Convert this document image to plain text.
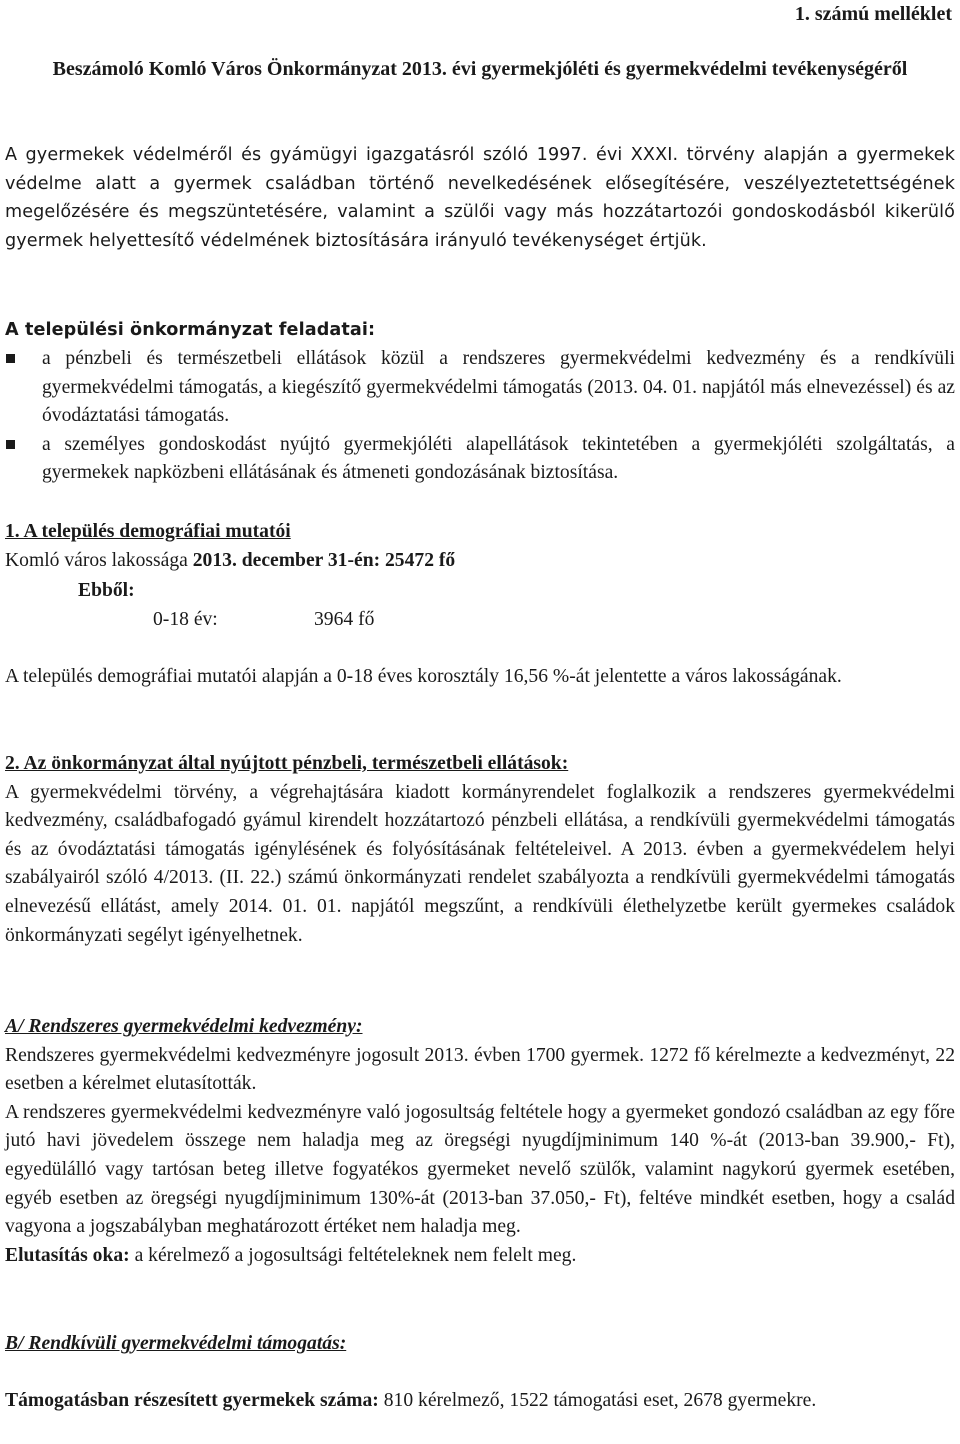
1. számú melléklet
Beszámoló Komló Város Önkormányzat 2013. évi gyermekjóléti és gyermekvédelmi tevékenységéről
A gyermekek védelméről és gyámügyi igazgatásról szóló 1997. évi XXXI. törvény alapján a gyermekek védelme alatt a gyermek családban történő nevelkedésének elősegítésére, veszélyeztetettségének megelőzésére és megszüntetésére, valamint a szülői vagy más hozzátartozói gondoskodásból kikerülő gyermek helyettesítő védelmének biztosítására irányuló tevékenységet értjük.
A települési önkormányzat feladatai:
a pénzbeli és természetbeli ellátások közül a rendszeres gyermekvédelmi kedvezmény és a rendkívüli gyermekvédelmi támogatás, a kiegészítő gyermekvédelmi támogatás (2013. 04. 01. napjától más elnevezéssel) és az óvodáztatási támogatás.
a személyes gondoskodást nyújtó gyermekjóléti alapellátások tekintetében a gyermekjóléti szolgáltatás, a gyermekek napközbeni ellátásának és átmeneti gondozásának biztosítása.
1. A település demográfiai mutatói
Komló város lakossága 2013. december 31-én: 25472 fő
Ebből:
0-18 év:	3964 fő
A település demográfiai mutatói alapján a 0-18 éves korosztály 16,56 %-át jelentette a város lakosságának.
2. Az önkormányzat által nyújtott pénzbeli, természetbeli ellátások:
A gyermekvédelmi törvény, a végrehajtására kiadott kormányrendelet foglalkozik a rendszeres gyermekvédelmi kedvezmény, családbafogadó gyámul kirendelt hozzátartozó pénzbeli ellátása, a rendkívüli gyermekvédelmi támogatás és az óvodáztatási támogatás igénylésének és folyósításának feltételeivel. A 2013. évben a gyermekvédelem helyi szabályairól szóló 4/2013. (II. 22.) számú önkormányzati rendelet szabályozta a rendkívüli gyermekvédelmi támogatás elnevezésű ellátást, amely 2014. 01. 01. napjától megszűnt, a rendkívüli élethelyzetbe került gyermekes családok önkormányzati segélyt igényelhetnek.
A/ Rendszeres gyermekvédelmi kedvezmény:
Rendszeres gyermekvédelmi kedvezményre jogosult 2013. évben 1700 gyermek. 1272 fő kérelmezte a kedvezményt, 22 esetben a kérelmet elutasították.
A rendszeres gyermekvédelmi kedvezményre való jogosultság feltétele hogy a gyermeket gondozó családban az egy főre jutó havi jövedelem összege nem haladja meg az öregségi nyugdíjminimum 140 %-át (2013-ban 39.900,- Ft), egyedülálló vagy tartósan beteg illetve fogyatékos gyermeket nevelő szülők, valamint nagykorú gyermek esetében, egyéb esetben az öregségi nyugdíjminimum 130%-át (2013-ban 37.050,- Ft), feltéve mindkét esetben, hogy a család vagyona a jogszabályban meghatározott értéket nem haladja meg.
Elutasítás oka: a kérelmező a jogosultsági feltételeknek nem felelt meg.
B/ Rendkívüli gyermekvédelmi támogatás:
Támogatásban részesített gyermekek száma: 810 kérelmező, 1522 támogatási eset, 2678 gyermekre.
